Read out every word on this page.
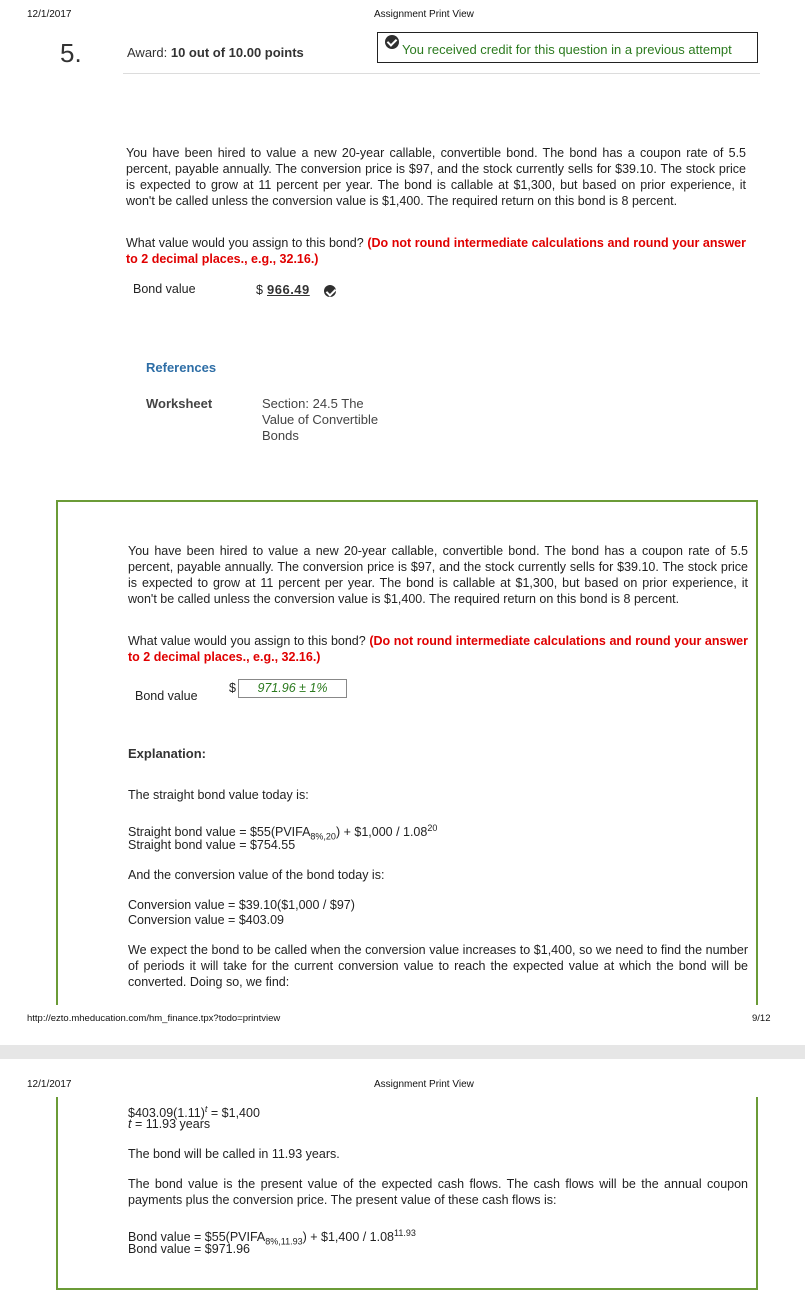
12/1/2017	Assignment Print View
5.	Award: 10 out of 10.00 points	You received credit for this question in a previous attempt
You have been hired to value a new 20-year callable, convertible bond. The bond has a coupon rate of 5.5 percent, payable annually. The conversion price is $97, and the stock currently sells for $39.10. The stock price is expected to grow at 11 percent per year. The bond is callable at $1,300, but based on prior experience, it won't be called unless the conversion value is $1,400. The required return on this bond is 8 percent.
What value would you assign to this bond? (Do not round intermediate calculations and round your answer to 2 decimal places., e.g., 32.16.)
Bond value	$ 966.49
References
Worksheet	Section: 24.5 The
Value of Convertible
Bonds
You have been hired to value a new 20-year callable, convertible bond. The bond has a coupon rate of 5.5 percent, payable annually. The conversion price is $97, and the stock currently sells for $39.10. The stock price is expected to grow at 11 percent per year. The bond is callable at $1,300, but based on prior experience, it won't be called unless the conversion value is $1,400. The required return on this bond is 8 percent.
What value would you assign to this bond? (Do not round intermediate calculations and round your answer to 2 decimal places., e.g., 32.16.)
Bond value
$	971.96 ± 1%
Explanation:
The straight bond value today is:
Straight bond value = $\$55(PVIFA_{8\%,20})$ + $1,000 / 1.08$^{20}$
Straight bond value = $754.55
And the conversion value of the bond today is:
Conversion value = $39.10($1,000 / $97)
Conversion value = $403.09
We expect the bond to be called when the conversion value increases to $1,400, so we need to find the number of periods it will take for the current conversion value to reach the expected value at which the bond will be converted. Doing so, we find:
http://ezto.mheducation.com/hm_finance.tpx?todo=printview	9/12
12/1/2017	Assignment Print View
$\$403.09(1.11)^t$ = $1,400
t = 11.93 years
The bond will be called in 11.93 years.
The bond value is the present value of the expected cash flows. The cash flows will be the annual coupon payments plus the conversion price. The present value of these cash flows is:
Bond value = $\$55(PVIFA_{8\%,11.93})$ + $1,400 / $1.08^{11.93}$
Bond value = $971.96
